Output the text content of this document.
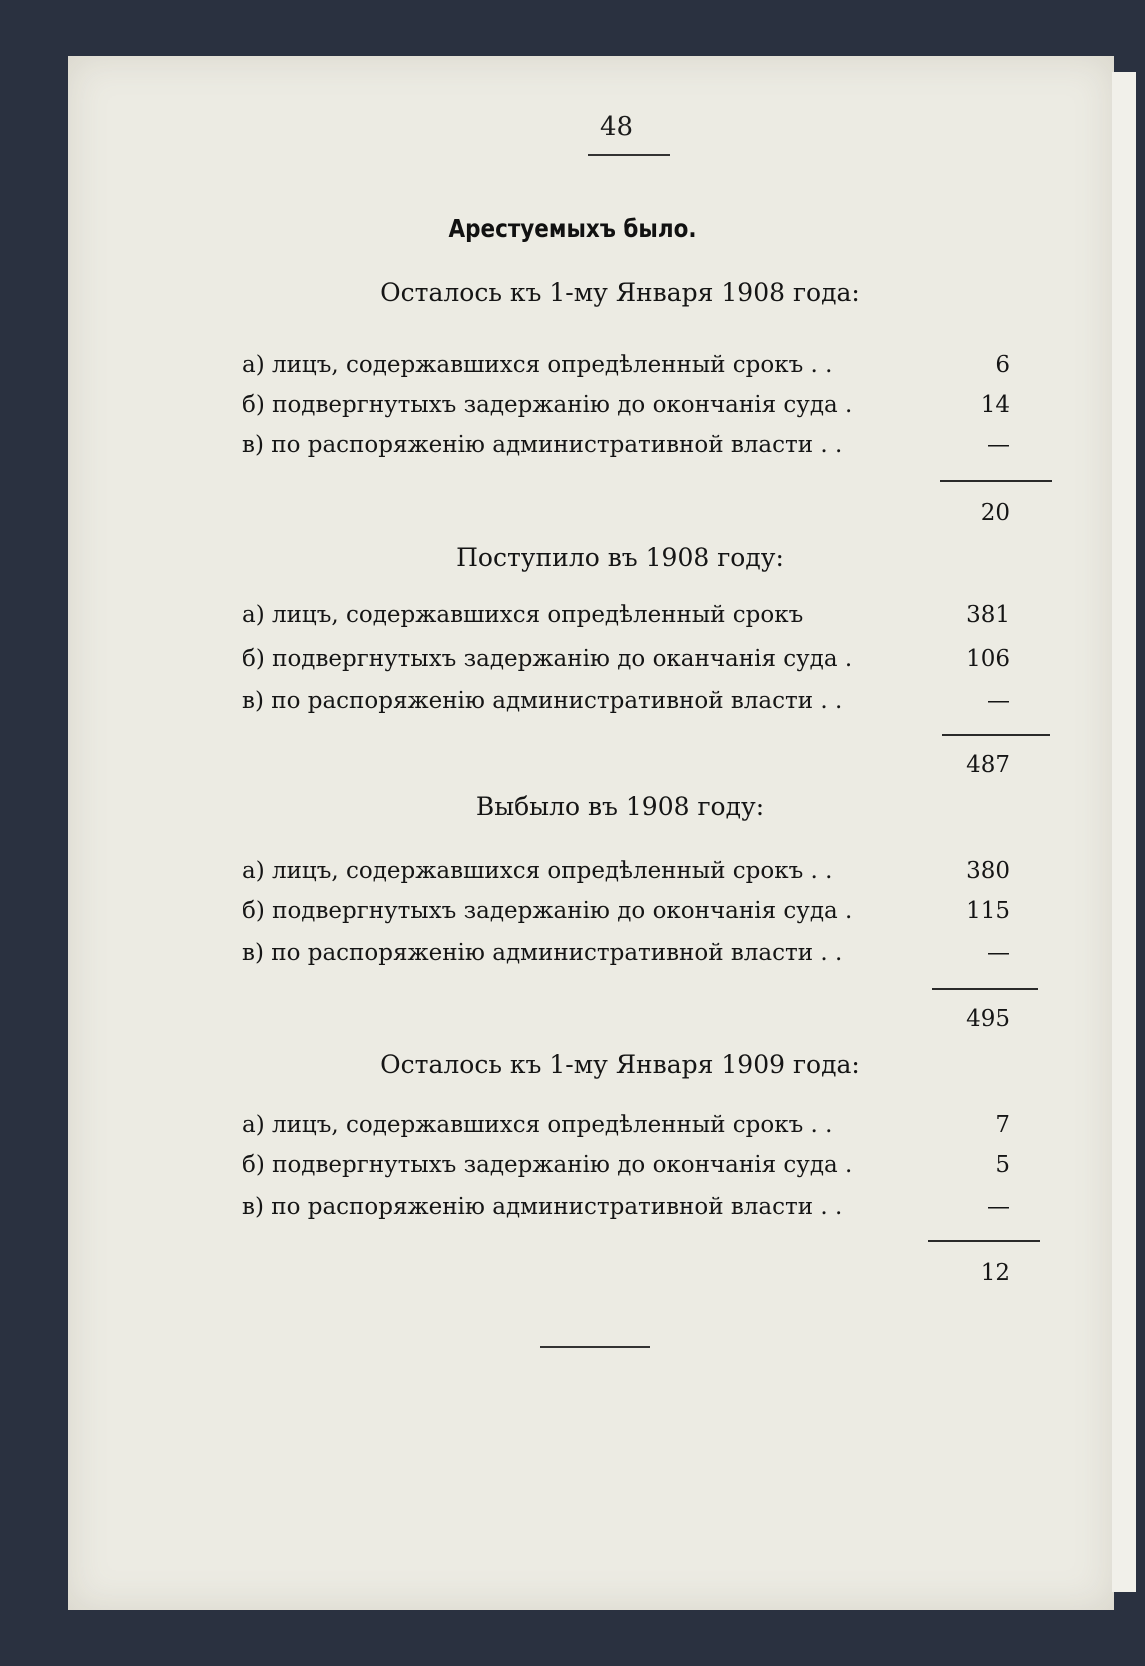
48
Арестуемыхъ было.
Осталось къ 1-му Января 1908 года:
а) лицъ, содержавшихся опредѣленный срокъ . .	6
б) подвергнутыхъ задержанію до окончанія суда .	14
в) по распоряженію административной власти . .	—
20
Поступило въ 1908 году:
а) лицъ, содержавшихся опредѣленный срокъ	381
б) подвергнутыхъ задержанію до оканчанія суда .	106
в) по распоряженію административной власти . .	—
487
Выбыло въ 1908 году:
а) лицъ, содержавшихся опредѣленный срокъ . .	380
б) подвергнутыхъ задержанію до окончанія суда .	115
в) по распоряженію административной власти . .	—
495
Осталось къ 1-му Января 1909 года:
а) лицъ, содержавшихся опредѣленный срокъ . .	7
б) подвергнутыхъ задержанію до окончанія суда .	5
в) по распоряженію административной власти . .	—
12
